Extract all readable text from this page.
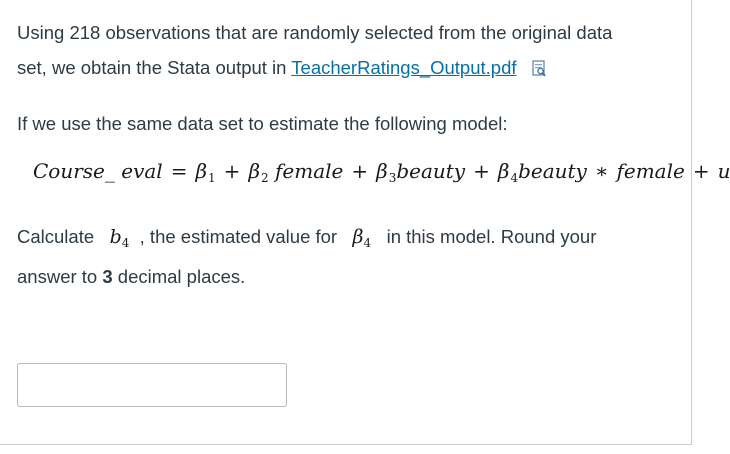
Using 218 observations that are randomly selected from the original data
set, we obtain the Stata output in TeacherRatings_Output.pdf
If we use the same data set to estimate the following model:
Course_ eval = $\beta_1 + \beta_2$ female + $\beta_3beauty$ + $\beta_4beauty$ ∗ female + u
Calculate $b_4$ , the estimated value for $\beta_4$ in this model. Round your
answer to 3 decimal places.
